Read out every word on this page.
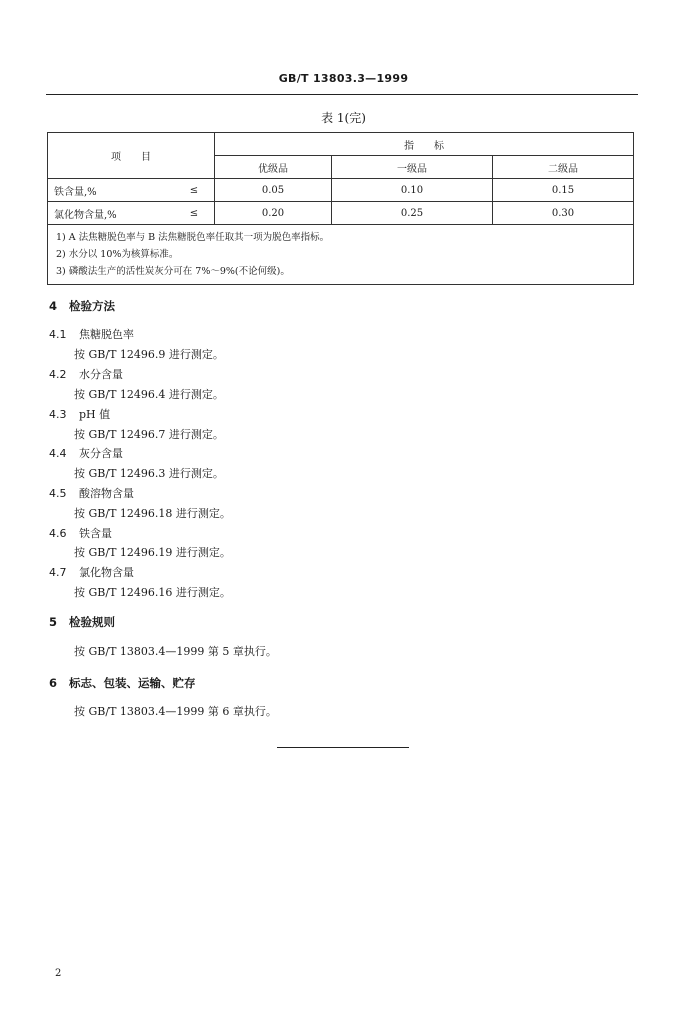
GB/T 13803.3—1999
表 1(完)
项　　目		指　　标		
		优级品	一级品	二级品
铁含量,%	≤	0.05	0.10	0.15
氯化物含量,%	≤	0.20	0.25	0.30

1) A 法焦糖脱色率与 B 法焦糖脱色率任取其一项为脱色率指标。
2) 水分以 10%为核算标准。
3) 磷酸法生产的活性炭灰分可在 7%～9%(不论何级)。				
4 检验方法
4.1 焦糖脱色率
按 GB/T 12496.9 进行测定。
4.2 水分含量
按 GB/T 12496.4 进行测定。
4.3 pH 值
按 GB/T 12496.7 进行测定。
4.4 灰分含量
按 GB/T 12496.3 进行测定。
4.5 酸溶物含量
按 GB/T 12496.18 进行测定。
4.6 铁含量
按 GB/T 12496.19 进行测定。
4.7 氯化物含量
按 GB/T 12496.16 进行测定。
5 检验规则
按 GB/T 13803.4—1999 第 5 章执行。
6 标志、包装、运输、贮存
按 GB/T 13803.4—1999 第 6 章执行。
2
